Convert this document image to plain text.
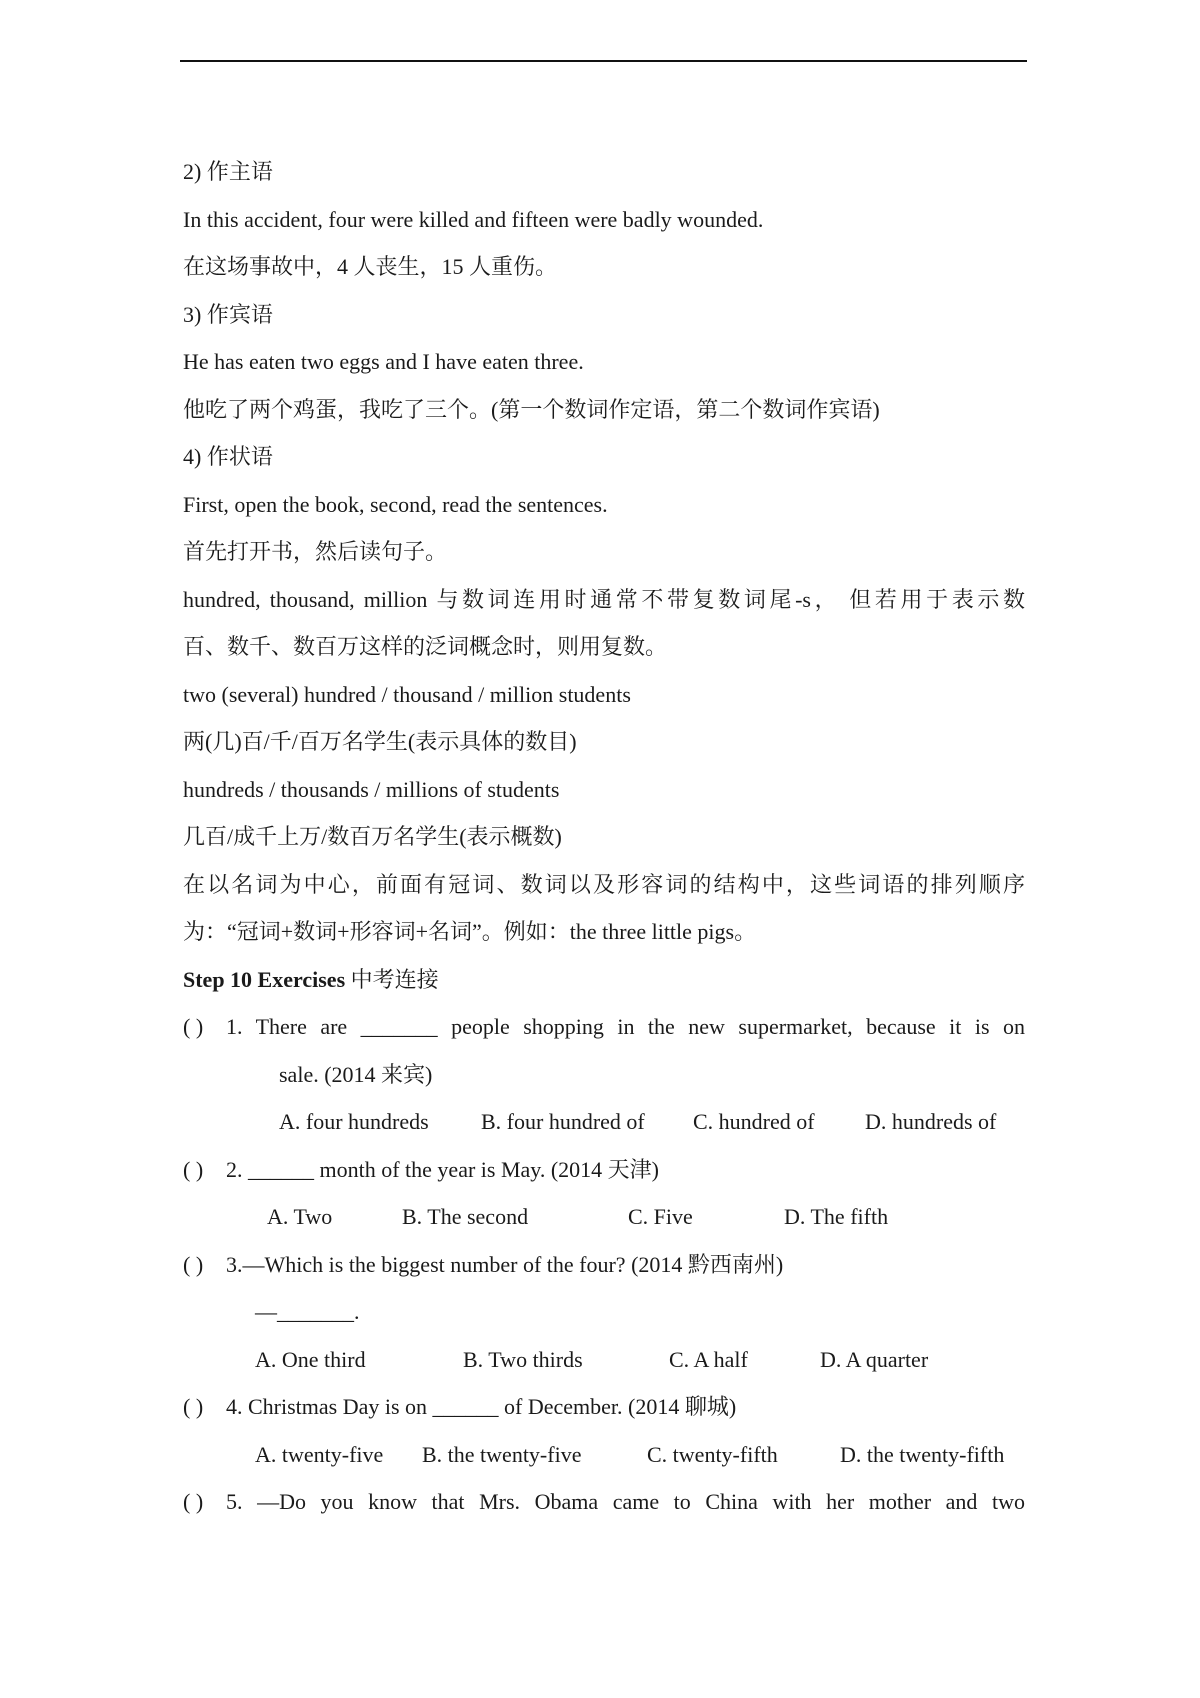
2) 作主语
In this accident, four were killed and fifteen were badly wounded.
在这场事故中，4 人丧生，15 人重伤。
3) 作宾语
He has eaten two eggs and I have eaten three.
他吃了两个鸡蛋，我吃了三个。(第一个数词作定语，第二个数词作宾语)
4) 作状语
First, open the book, second, read the sentences.
首先打开书，然后读句子。
hundred, thousand, million 与数词连用时通常不带复数词尾-s， 但若用于表示数
百、数千、数百万这样的泛词概念时，则用复数。
two (several) hundred / thousand / million students
两(几)百/千/百万名学生(表示具体的数目)
hundreds / thousands / millions of students
几百/成千上万/数百万名学生(表示概数)
在以名词为中心，前面有冠词、数词以及形容词的结构中，这些词语的排列顺序
为：“冠词+数词+形容词+名词”。例如：the three little pigs。
Step 10 Exercises 中考连接
( ) 1. There are _______ people shopping in the new supermarket, because it is on
sale. (2014 来宾)
A. four hundreds B. four hundred of C. hundred of D. hundreds of
( ) 2. ______ month of the year is May. (2014 天津)
A. Two	B. The second	C. Five	D. The fifth
( ) 3.—Which is the biggest number of the four? (2014 黔西南州)
—_______.
A. One third	B. Two thirds	C. A half	D. A quarter
( ) 4. Christmas Day is on ______ of December. (2014 聊城)
A. twenty-five B. the twenty-five	C. twenty-fifth	D. the twenty-fifth
( ) 5. —Do you know that Mrs. Obama came to China with her mother and two
